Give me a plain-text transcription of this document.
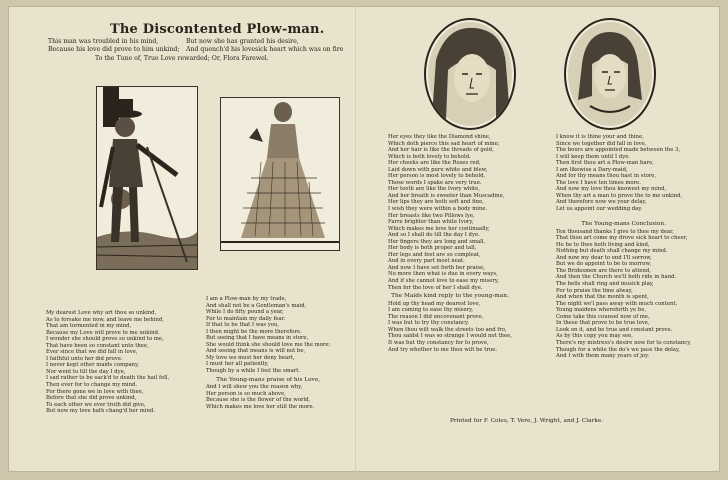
The Discontented Plow-man.
This man was troubled in his mind,
Because his love did prove to him unkind;
But now she has granted his desire,
And quench'd his lovesick heart which was on fire
To the Tune of, True Love rewarded; Or, Flora Farewel.
My dearest Love why art thou so unkind,
As to forsake me now, and leave me behind,
That am tormented in my mind,
Because my Love will prove to me unkind.
I wonder she should prove so unkind to me,
That have been so constant unto thee,
Ever since that we did fall in love,
I faithful unto her did prove.
I never kept other maids company,
Nor went to till the day I dye,
I sad rather to be sack'd to death the hail fell,
Then ever for to change my mind.
For there gone we in love with thee,
Before that she did prove unkind,
To each other we ever truth did give,
But now my love hath chang'd her mind.
I am a Plow-man by my trade,
And shall not be a Gentleman's maid,
While I do fifty pound a year,
For to maintain my daily fear.
If that to be that I was you,
I then might be the more therefore.
But seeing that I have means in store,
She would think she should love me the more;
And seeing that means is will not be,
My love we must her deny heart,
I must her all patiently,
Though by a while I feel the smart.
The Young-mans praise of his Love,
And I will shew you the reason why,
Her person is so much above,
Because she is the flower of the world,
Which makes me love her still the more.
Her eyes they like the Diamond shine,
Which doth pierce this sad heart of mine;
And her hair is like the threads of gold,
Which is both lovely to behold.
Her cheeks are like the Roses red,
Laid down with pure white and blew,
Her person is most lovely to behold,
Those words I spake are very true.
Her teeth are like the Ivory white,
And her breath is sweeter than Muscadine,
Her lips they are both soft and fine,
I wish they were within a body mine.
Her breasts like two Pillows lye,
Farre brighter than white Ivory,
Which makes me love her continually,
And so I shall do till the day I dye.
Her fingers they are long and small,
Her body is both proper and tall,
Her legs and feet are so compleat,
And in every part most neat.
And now I have set forth her praise,
No more then what is due in every ways,
And if she cannot love to ease my misery,
Then for the love of her I shall dye.
The Maids kind reply to the young-man.
Hold up thy head my dearest love,
I am coming to ease thy misery,
The reason I did uncovenant prove,
I was but to try thy constancy.
When thou wilt walk the streets too and fro,
Thou saidst I was so strange I would not thee,
It was but thy constancy for to prove,
And try whether to me thou wilt be true.
I know it is thine your and thine,
Since we together did fall in love,
The bours are appointed made between the 3,
I will keep them until I dye.
Then first thou art a Plow-man bare,
I am likewise a Dary-maid,
And for thy means thou hast in store,
The love I have ten times more.
And now my love thou knowest my mind,
When thy art a man to prove the to me unkind,
And therefore now we your delay,
Let us appoint our wedding day.

The Young-mans Conclusion.
Ten thousand thanks I give to thee my dear,
That thou art come my drove sick heart to cheer,
He be to thee both living and kind,
Nothing but death shall change my mind.
And now my dear to end I'll sorrow,
But we do appoint to be to morrow,
The Bridesmen are there to attend,
And then the Church we'll both ride in hand.
The bells shall ring and musick play,
For to praise the time alway,
And when that the month is spent,
The night we'l pass away with much content.
Young maidens whereforth ye be,
Come take this counsel now of me,
In these that prove to be true love,
Look on it, and be true and constant prove.
As by this copy you may see,
There's my mistress's desire now for to constancy,
Though for a while the do's we pass the delay,
And I with them many years of joy.
Printed for F. Coles, T. Vere, J. Wright, and J. Clarke.
